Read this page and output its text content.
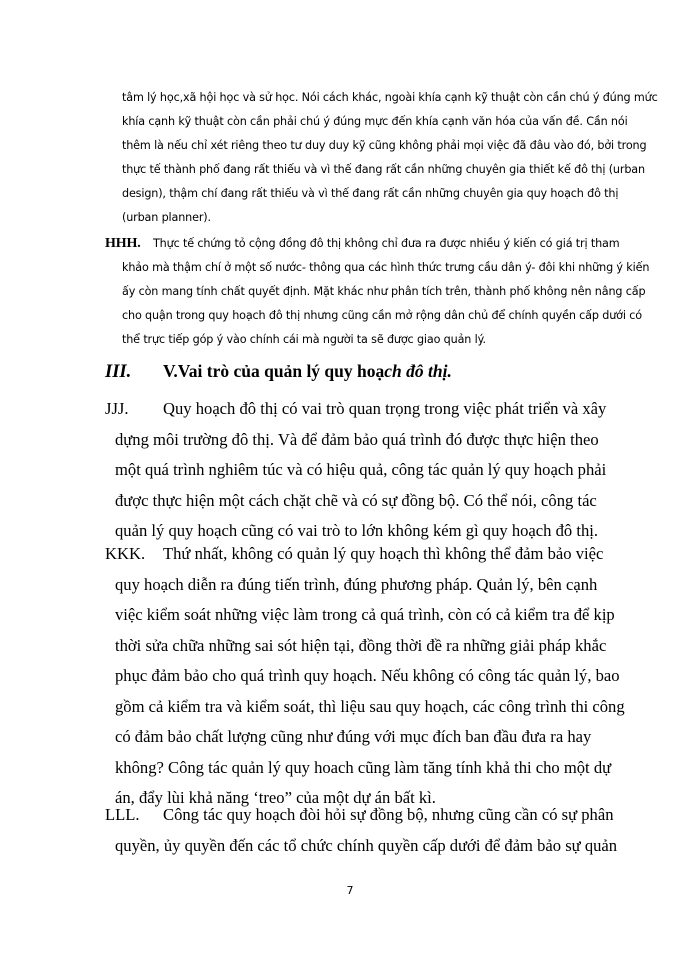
tâm lý học,xã hội học và sử học. Nói cách khác, ngoài khía cạnh kỹ thuật còn cần chú ý đúng mức
khía cạnh kỹ thuật còn cần phải chú ý đúng mực đến khía cạnh văn hóa của vấn đề. Cần nói
thêm là nếu chỉ xét riêng theo tư duy duy kỹ cũng không phải mọi việc đã đâu vào đó, bởi trong
thực tế thành phố đang rất thiếu và vì thế đang rất cần những chuyên gia thiết kế đô thị (urban
design), thậm chí đang rất thiếu và vì thế đang rất cần những chuyên gia quy hoạch đô thị
(urban planner).
HHH.	Thực tế chứng tỏ cộng đồng đô thị không chỉ đưa ra được nhiều ý kiến có giá trị tham
khảo mà thậm chí ở một số nước- thông qua các hình thức trưng cầu dân ý- đôi khi những ý kiến
ấy còn mang tính chất quyết định. Mặt khác như phân tích trên, thành phố không nên nâng cấp
cho quận trong quy hoạch đô thị nhưng cũng cần mở rộng dân chủ để chính quyền cấp dưới có
thể trực tiếp góp ý vào chính cái mà người ta sẽ được giao quản lý.
III. V.Vai trò của quản lý quy hoạch đô thị.
JJJ.	Quy hoạch đô thị có vai trò quan trọng trong việc phát triển và xây
dựng môi trường đô thị. Và để đảm bảo quá trình đó được thực hiện theo
một quá trình nghiêm túc và có hiệu quả, công tác quản lý quy hoạch phải
được thực hiện một cách chặt chẽ và có sự đồng bộ. Có thể nói, công tác
quản lý quy hoạch cũng có vai trò to lớn không kém gì quy hoạch đô thị.
KKK.	Thứ nhất, không có quản lý quy hoạch thì không thể đảm bảo việc
quy hoạch diễn ra đúng tiến trình, đúng phương pháp. Quản lý, bên cạnh
việc kiểm soát những việc làm trong cả quá trình, còn có cả kiểm tra để kịp
thời sửa chữa những sai sót hiện tại, đồng thời đề ra những giải pháp khắc
phục đảm bảo cho quá trình quy hoạch. Nếu không có công tác quản lý, bao
gồm cả kiểm tra và kiểm soát, thì liệu sau quy hoạch, các công trình thi công
có đảm bảo chất lượng cũng như đúng với mục đích ban đầu đưa ra hay
không? Công tác quản lý quy hoach cũng làm tăng tính khả thi cho một dự
án, đẩy lùi khả năng ‘treo” của một dự án bất kì.
LLL.	Công tác quy hoạch đòi hỏi sự đồng bộ, nhưng cũng cần có sự phân
quyền, ủy quyền đến các tổ chức chính quyền cấp dưới để đảm bảo sự quản

7
